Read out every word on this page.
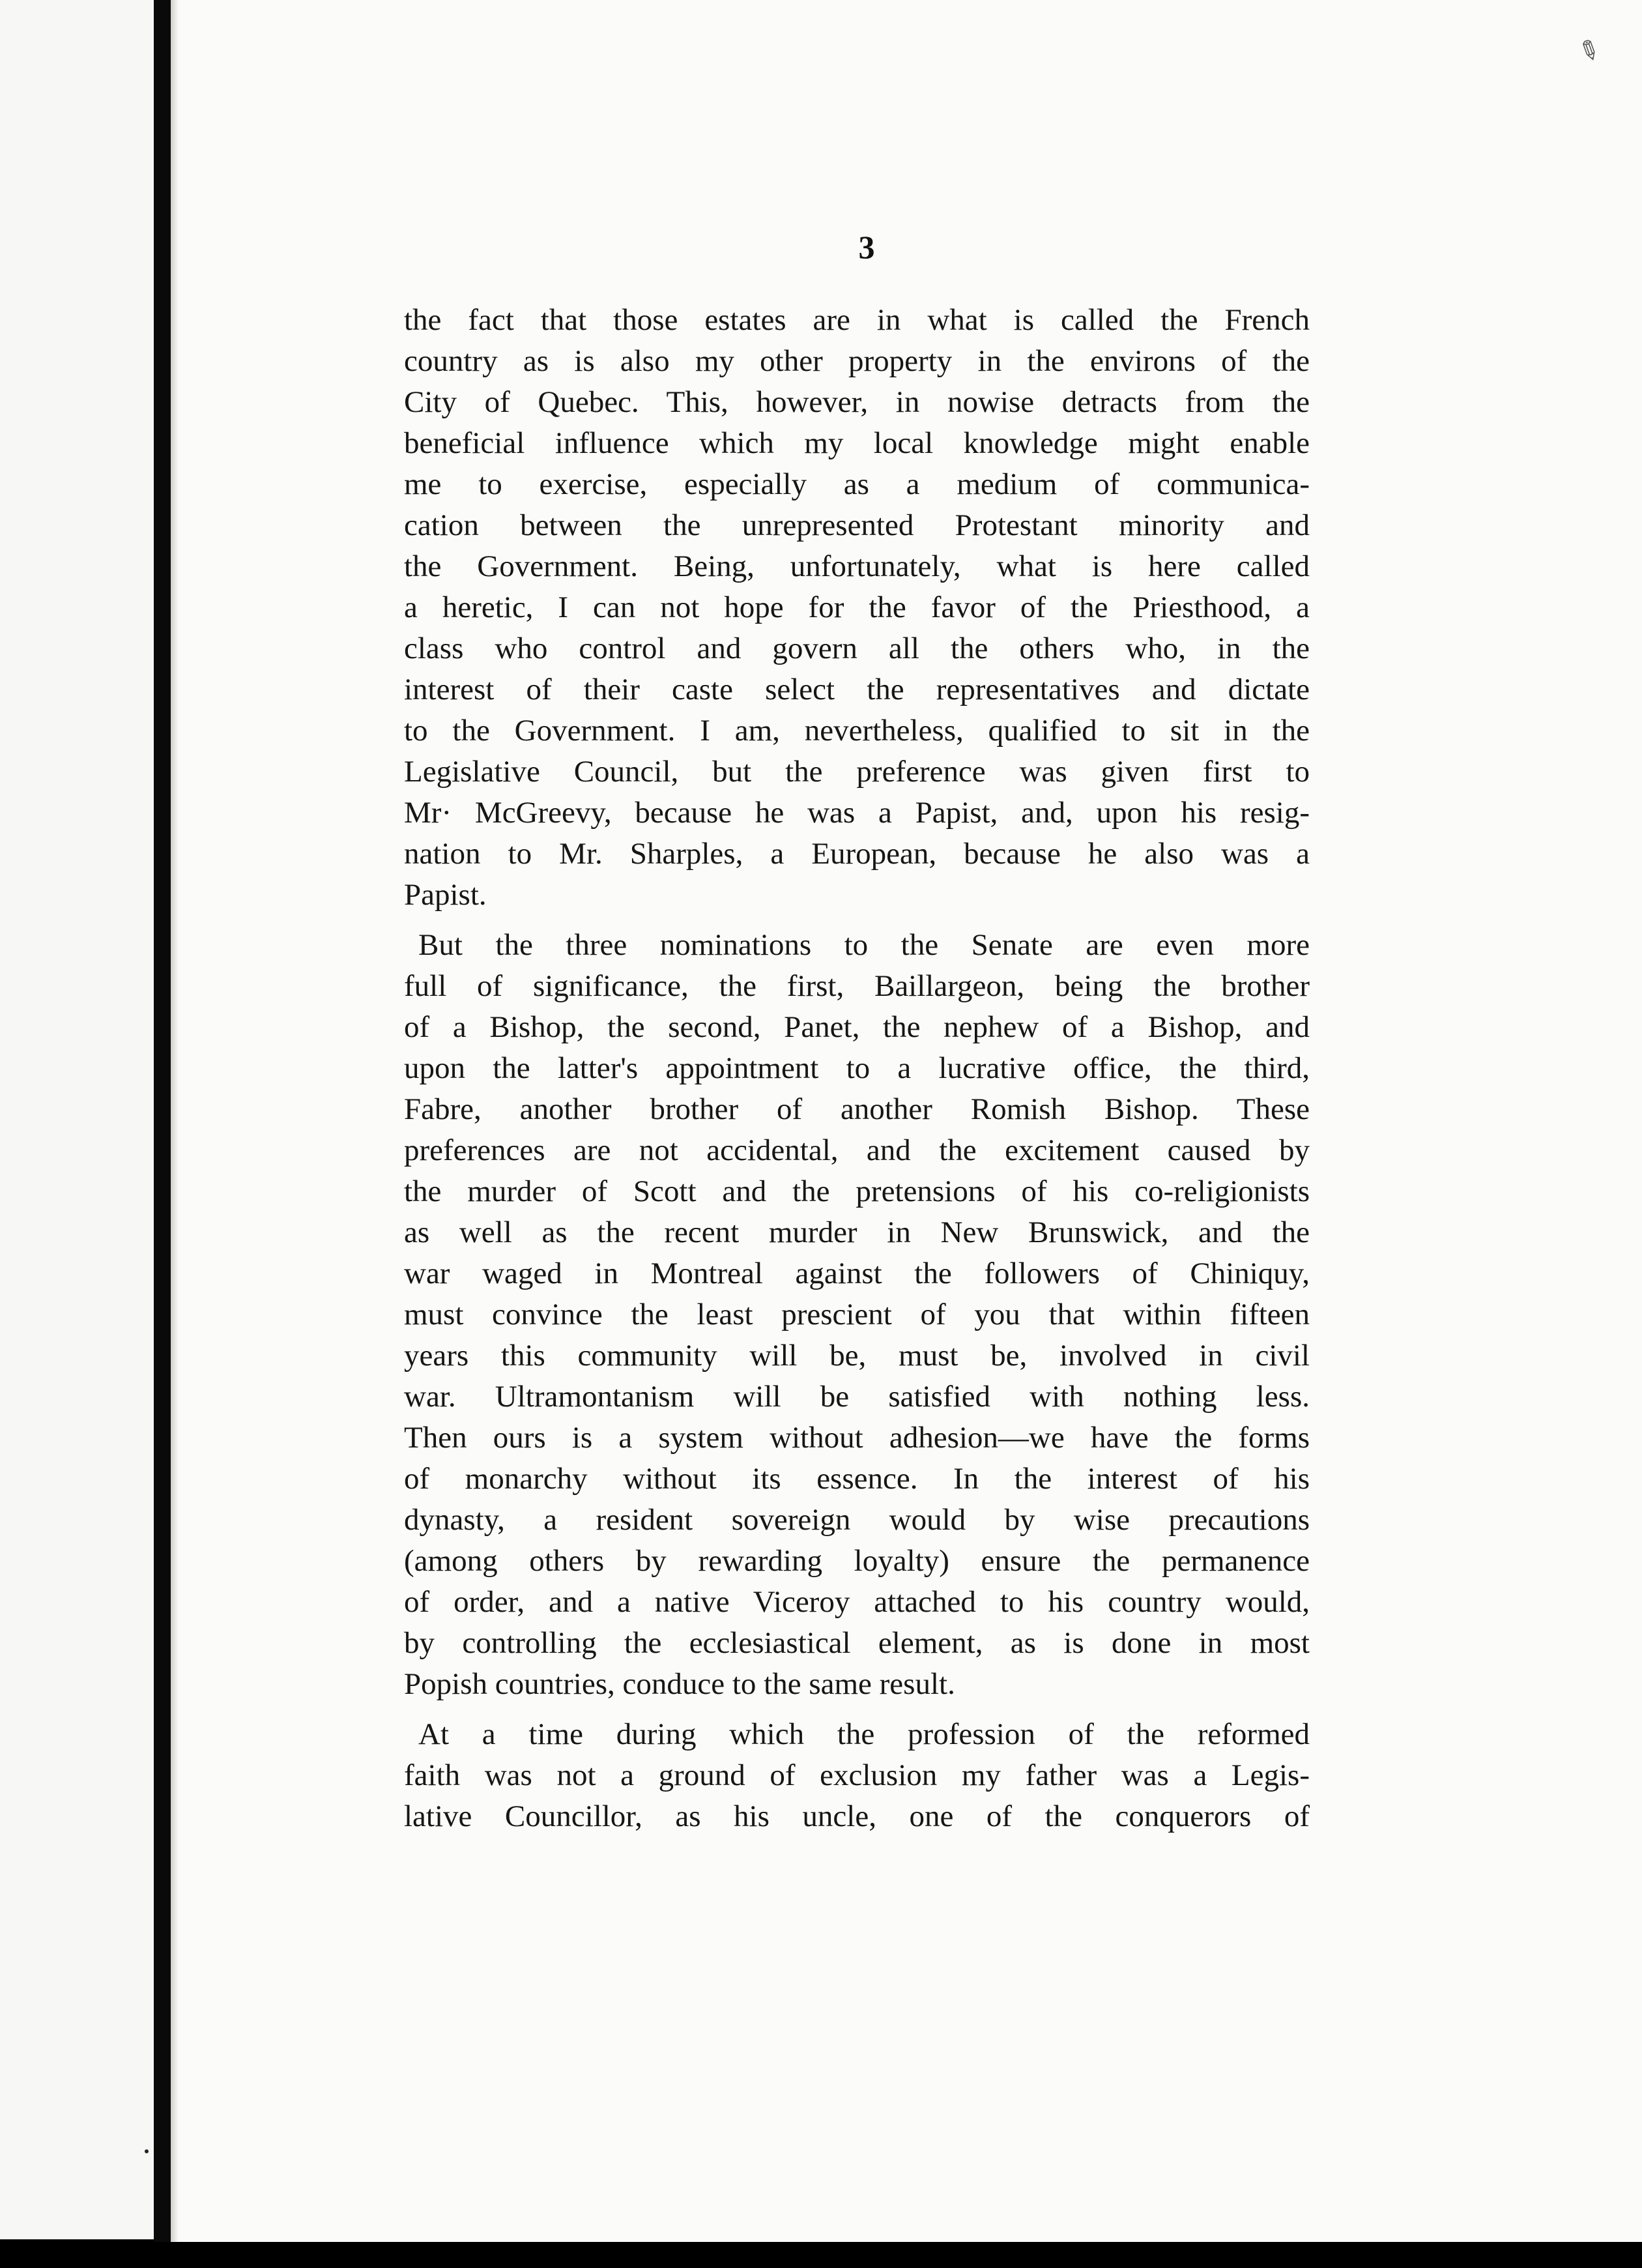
✎
3
the fact that those estates are in what is called the French
country as is also my other property in the environs of the
City of Quebec. This, however, in nowise detracts from the
beneficial influence which my local knowledge might enable
me to exercise, especially as a medium of communica-
cation between the unrepresented Protestant minority and
the Government. Being, unfortunately, what is here called
a heretic, I can not hope for the favor of the Priesthood, a
class who control and govern all the others who, in the
interest of their caste select the representatives and dictate
to the Government. I am, nevertheless, qualified to sit in the
Legislative Council, but the preference was given first to
Mr· McGreevy, because he was a Papist, and, upon his resig-
nation to Mr. Sharples, a European, because he also was a
Papist.
But the three nominations to the Senate are even more
full of significance, the first, Baillargeon, being the brother
of a Bishop, the second, Panet, the nephew of a Bishop, and
upon the latter's appointment to a lucrative office, the third,
Fabre, another brother of another Romish Bishop. These
preferences are not accidental, and the excitement caused by
the murder of Scott and the pretensions of his co-religionists
as well as the recent murder in New Brunswick, and the
war waged in Montreal against the followers of Chiniquy,
must convince the least prescient of you that within fifteen
years this community will be, must be, involved in civil
war. Ultramontanism will be satisfied with nothing less.
Then ours is a system without adhesion—we have the forms
of monarchy without its essence. In the interest of his
dynasty, a resident sovereign would by wise precautions
(among others by rewarding loyalty) ensure the permanence
of order, and a native Viceroy attached to his country would,
by controlling the ecclesiastical element, as is done in most
Popish countries, conduce to the same result.
At a time during which the profession of the reformed
faith was not a ground of exclusion my father was a Legis-
lative Councillor, as his uncle, one of the conquerors of
